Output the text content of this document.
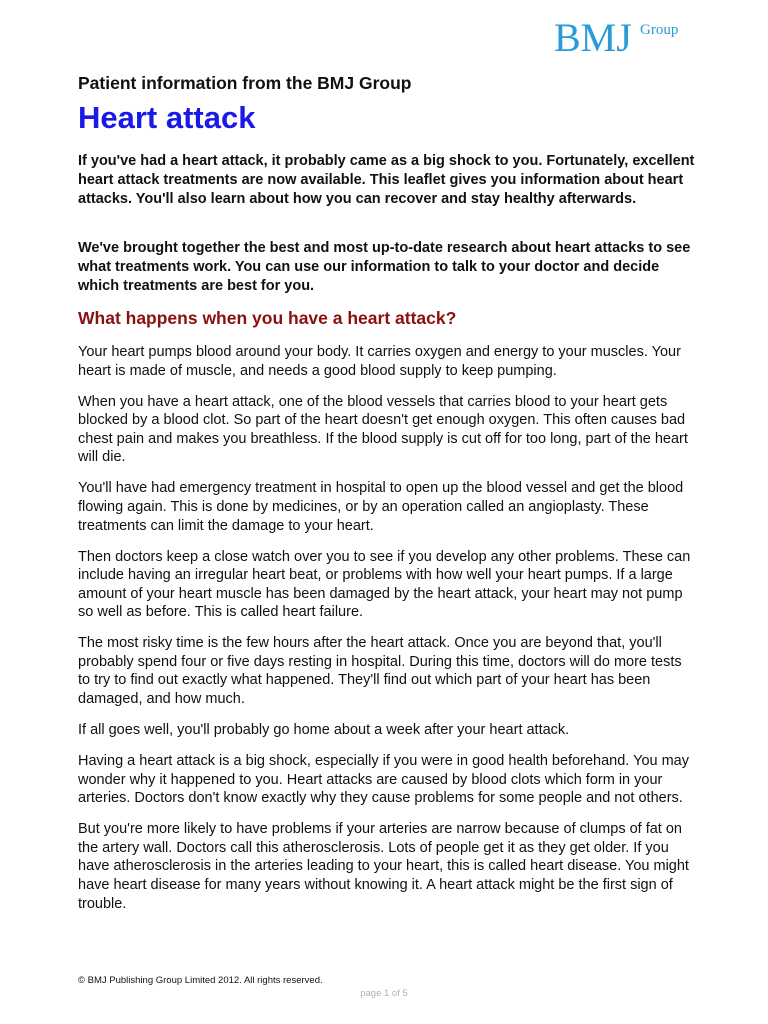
BMJ Group
Patient information from the BMJ Group
Heart attack

If you've had a heart attack, it probably came as a big shock to you. Fortunately, excellent heart attack treatments are now available. This leaflet gives you information about heart attacks. You'll also learn about how you can recover and stay healthy afterwards.

We've brought together the best and most up-to-date research about heart attacks to see what treatments work. You can use our information to talk to your doctor and decide which treatments are best for you.

What happens when you have a heart attack?

Your heart pumps blood around your body. It carries oxygen and energy to your muscles. Your heart is made of muscle, and needs a good blood supply to keep pumping.

When you have a heart attack, one of the blood vessels that carries blood to your heart gets blocked by a blood clot. So part of the heart doesn't get enough oxygen. This often causes bad chest pain and makes you breathless. If the blood supply is cut off for too long, part of the heart will die.

You'll have had emergency treatment in hospital to open up the blood vessel and get the blood flowing again. This is done by medicines, or by an operation called an angioplasty. These treatments can limit the damage to your heart.

Then doctors keep a close watch over you to see if you develop any other problems. These can include having an irregular heart beat, or problems with how well your heart pumps. If a large amount of your heart muscle has been damaged by the heart attack, your heart may not pump so well as before. This is called heart failure.

The most risky time is the few hours after the heart attack. Once you are beyond that, you'll probably spend four or five days resting in hospital. During this time, doctors will do more tests to try to find out exactly what happened. They'll find out which part of your heart has been damaged, and how much.

If all goes well, you'll probably go home about a week after your heart attack.

Having a heart attack is a big shock, especially if you were in good health beforehand. You may wonder why it happened to you. Heart attacks are caused by blood clots which form in your arteries. Doctors don't know exactly why they cause problems for some people and not others.

But you're more likely to have problems if your arteries are narrow because of clumps of fat on the artery wall. Doctors call this atherosclerosis. Lots of people get it as they get older. If you have atherosclerosis in the arteries leading to your heart, this is called heart disease. You might have heart disease for many years without knowing it. A heart attack might be the first sign of trouble.

© BMJ Publishing Group Limited 2012. All rights reserved.
page 1 of 5
